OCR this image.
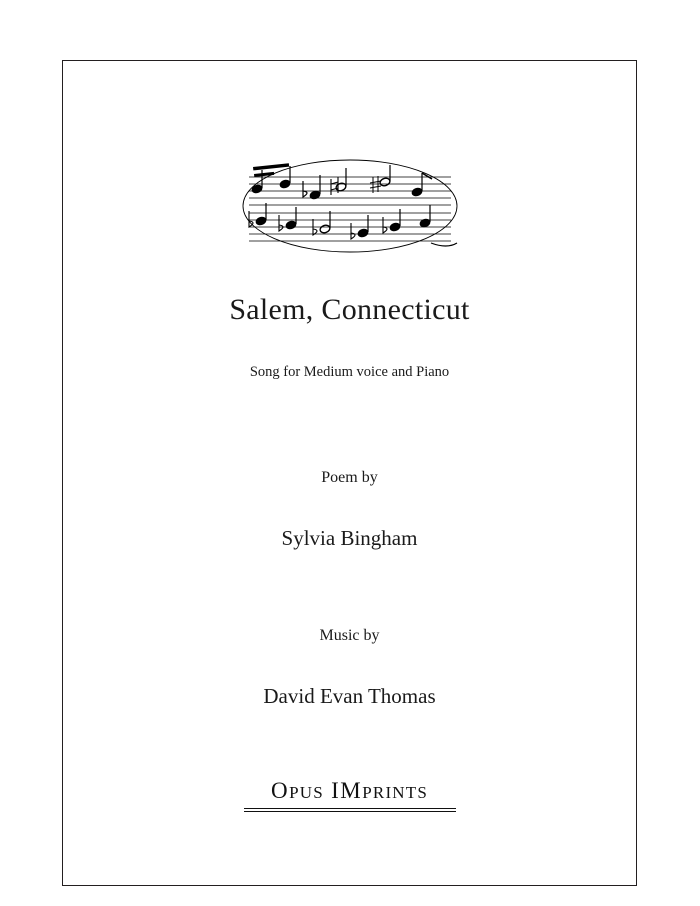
Salem, Connecticut
Song for Medium voice and Piano
Poem by
Sylvia Bingham
Music by
David Evan Thomas
OPUS IMPRINTS
